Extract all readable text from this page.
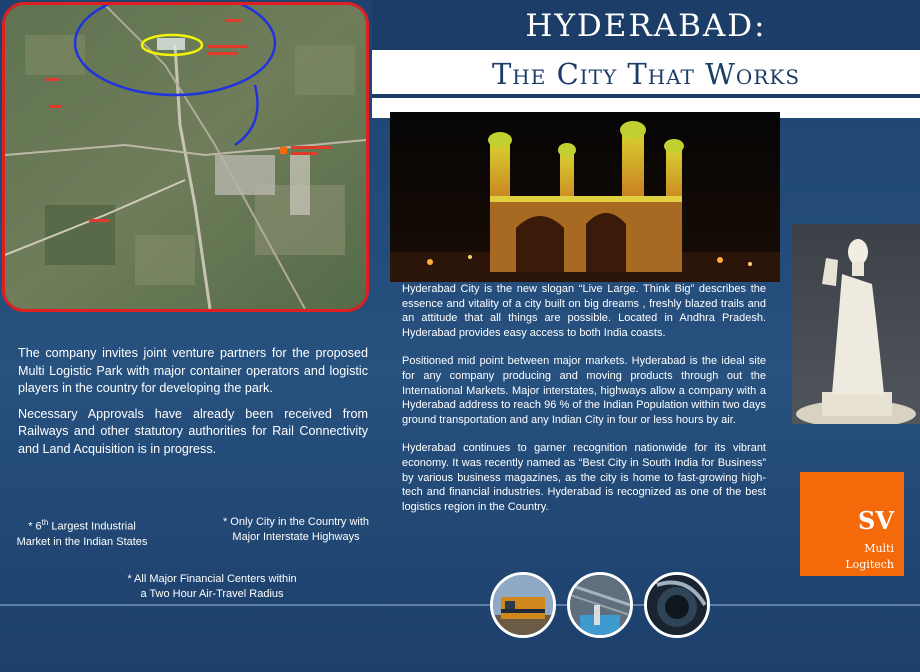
HYDERABAD:
The City That Works

Hyderabad City is the new slogan “Live Large. Think Big” describes the essence and vitality of a city built on big dreams , freshly blazed trails and an attitude that all things are possible. Located in Andhra Pradesh. Hyderabad provides easy access to both India coasts.

Positioned mid point between major markets. Hyderabad is the ideal site for any company producing and moving products through out the International Markets. Major interstates, highways allow a company with a Hyderabad address to reach 96 % of the Indian Population within two days ground transportation and any Indian City in four or less hours by air.

Hyderabad continues to garner recognition nationwide for its vibrant economy. It was recently named as “Best City in South India for Business” by various business magazines, as the city is home to fast-growing high-tech and financial industries. Hyderabad is recognized as one of the best logistics region in the Country.

The company invites joint venture partners for the proposed Multi Logistic Park with major container operators and logistic players in the country for developing the park.

Necessary Approvals have already been received from Railways and other statutory authorities for Rail Connectivity and Land Acquisition is in progress.

* 6th Largest Industrial
Market in the Indian States
* Only City in the Country with
Major Interstate Highways
* All Major Financial Centers within
a Two Hour Air-Travel Radius
SV
Multi
Logitech
